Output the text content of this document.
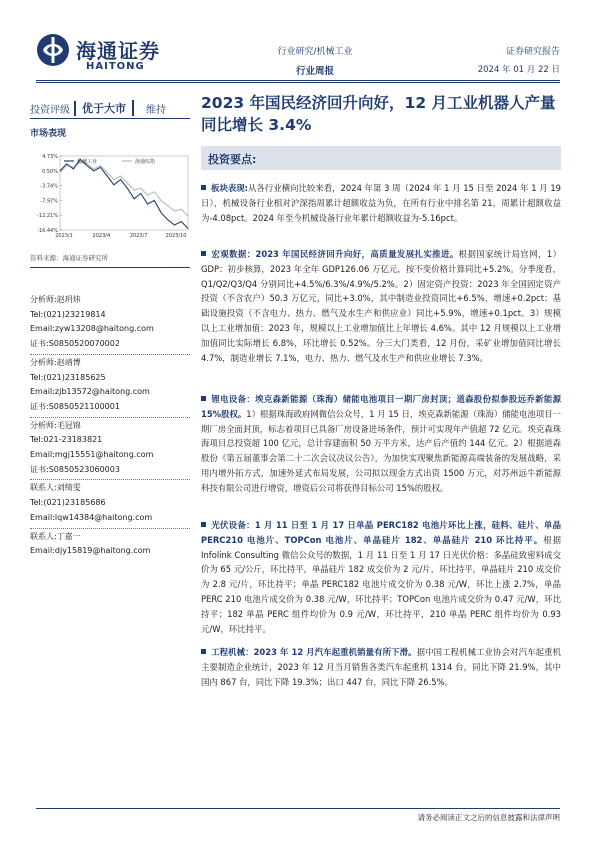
海通证券
HAITONG
行业研究/机械工业
行业周报
证券研究报告
2024 年 01 月 22 日
投资评级	优于大市	维持 2023 年国民经济回升向好，12 月工业机器人产量同比增长 3.4%
市场表现
4.73%
0.50%
-3.74%
-7.97%
-12.21%
-16.44%
2023/1	2023/4	2023/7	2023/10
机械工业	海通综指
资料来源：海通证券研究所
分析师:赵玥炜
Tel:(021)23219814
Email:zyw13208@haitong.com
证书:S0850520070002
分析师:赵靖博
Tel:(021)23185625
Email:zjb13572@haitong.com
证书:S0850521100001
分析师:毛冠锦
Tel:021-23183821
Email:mgj15551@haitong.com
证书:S0850523060003
联系人:刘绮雯
Tel:(021)23185686
Email:lqw14384@haitong.com
联系人:丁嘉一
Email:djy15819@haitong.com
投资要点:

板块表现:从各行业横向比较来看，2024 年第 3 周（2024 年 1 月 15 日至 2024 年 1 月 19 日），机械设备行业相对沪深指周累计超额收益为负，在所有行业中排名第 21，周累计超额收益为-4.08pct。2024 年至今机械设备行业年累计超额收益为-5.16pct。

宏观数据：2023 年国民经济回升向好，高质量发展扎实推进。根据国家统计局官网，1）GDP：初步核算，2023 年全年 GDP126.06 万亿元，按不变价格计算同比+5.2%。分季度看，Q1/Q2/Q3/Q4 分别同比+4.5%/6.3%/4.9%/5.2%。2）固定资产投资：2023 年全国固定资产投资（不含农户）50.3 万亿元，同比+3.0%，其中制造业投资同比+6.5%，增速+0.2pct；基础设施投资（不含电力、热力、燃气及水生产和供应业）同比+5.9%，增速+0.1pct。3）规模以上工业增加值：2023 年，规模以上工业增加值比上年增长 4.6%。其中 12 月规模以上工业增加值同比实际增长 6.8%，环比增长 0.52%。分三大门类看，12 月份，采矿业增加值同比增长 4.7%，制造业增长 7.1%，电力、热力、燃气及水生产和供应业增长 7.3%。

锂电设备：埃克森新能源（珠海）储能电池项目一期厂房封顶；道森股份拟参股远乔新能源 15%股权。1）根据珠海政府网微信公众号，1 月 15 日，埃克森新能源（珠海）储能电池项目一期厂房全面封顶，标志着项目已具备厂房设备进场条件，预计可实现年产值超 72 亿元。埃克森珠海项目总投资超 100 亿元，总计容建面积 50 万平方米，达产后产值约 144 亿元。2）根据道森股份《第五届董事会第二十二次会议决议公告》，为加快实现聚焦新能源高端装备的发展战略，采用内增外拓方式，加速外延式布局发展，公司拟以现金方式出资 1500 万元，对苏州远牛新能源科技有限公司进行增资，增资后公司将获得目标公司 15%的股权。

光伏设备：1 月 11 日至 1 月 17 日单晶 PERC182 电池片环比上涨，硅料、硅片、单晶 PERC210 电池片、TOPCon 电池片、单晶硅片 182、单晶硅片 210 环比持平。根据 Infolink Consulting 微信公众号的数据，1 月 11 日至 1 月 17 日光伏价格：多晶硅致密料成交价为 65 元/公斤，环比持平，单晶硅片 182 成交价为 2 元/片，环比持平，单晶硅片 210 成交价为 2.8 元/片，环比持平；单晶 PERC182 电池片成交价为 0.38 元/W，环比上涨 2.7%，单晶 PERC 210 电池片成交价为 0.38 元/W，环比持平；TOPCon 电池片成交价为 0.47 元/W，环比持平；182 单晶 PERC 组件均价为 0.9 元/W，环比持平，210 单晶 PERC 组件均价为 0.93 元/W，环比持平。

工程机械：2023 年 12 月汽车起重机销量有所下滑。据中国工程机械工业协会对汽车起重机主要制造企业统计，2023 年 12 月当月销售各类汽车起重机 1314 台，同比下降 21.9%，其中国内 867 台，同比下降 19.3%；出口 447 台，同比下降 26.5%。

请务必阅读正文之后的信息披露和法律声明
